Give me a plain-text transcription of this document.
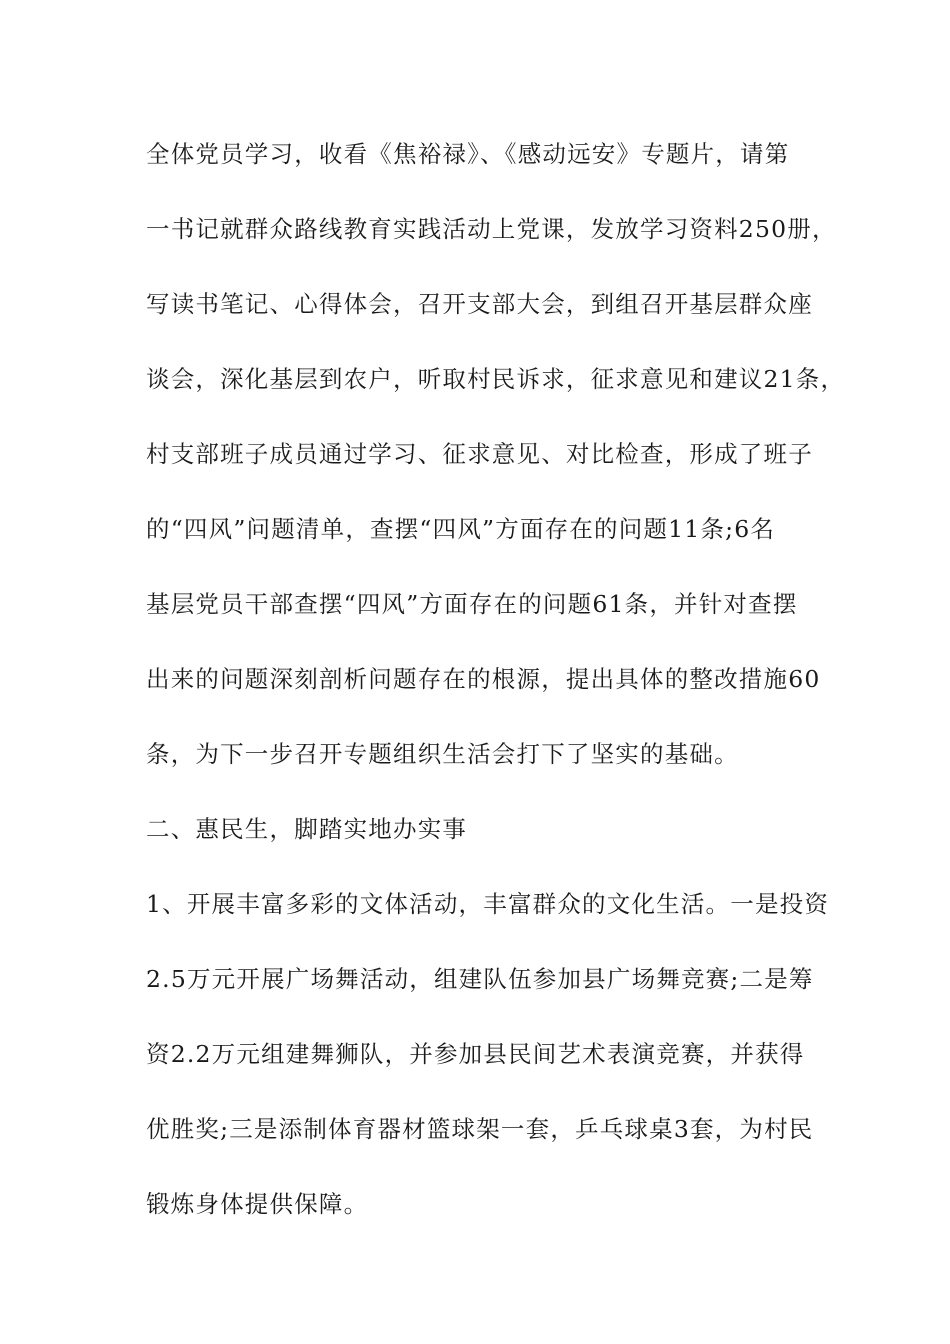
全体党员学习，收看《焦裕禄》、《感动远安》专题片，请第
一书记就群众路线教育实践活动上党课，发放学习资料250册，
写读书笔记、心得体会，召开支部大会，到组召开基层群众座
谈会，深化基层到农户，听取村民诉求，征求意见和建议21条，
村支部班子成员通过学习、征求意见、对比检查，形成了班子
的“四风”问题清单，查摆“四风”方面存在的问题11条;6名
基层党员干部查摆“四风”方面存在的问题61条，并针对查摆
出来的问题深刻剖析问题存在的根源，提出具体的整改措施60
条，为下一步召开专题组织生活会打下了坚实的基础。
二、惠民生，脚踏实地办实事
1、开展丰富多彩的文体活动，丰富群众的文化生活。一是投资
2.5万元开展广场舞活动，组建队伍参加县广场舞竞赛;二是筹
资2.2万元组建舞狮队，并参加县民间艺术表演竞赛，并获得
优胜奖;三是添制体育器材篮球架一套，乒乓球桌3套，为村民
锻炼身体提供保障。
